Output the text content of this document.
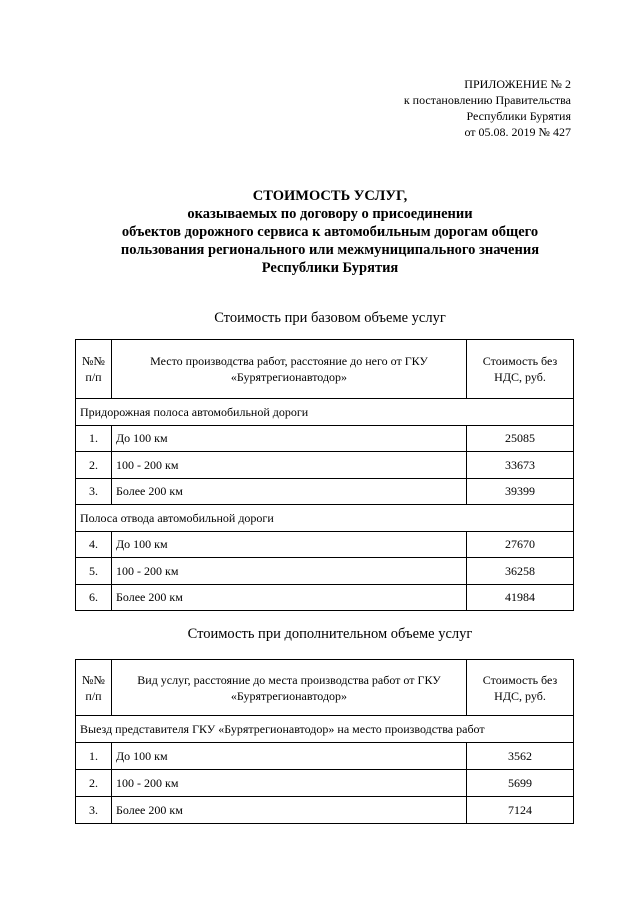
ПРИЛОЖЕНИЕ № 2
к постановлению Правительства
Республики Бурятия
от 05.08. 2019 № 427
СТОИМОСТЬ УСЛУГ,
оказываемых по договору о присоединении
объектов дорожного сервиса к автомобильным дорогам общего
пользования регионального или межмуниципального значения
Республики Бурятия
Стоимость при базовом объеме услуг
№№ п/п	Место производства работ, расстояние до него от ГКУ «Бурятрегионавтодор»	Стоимость без НДС, руб.
Придорожная полоса автомобильной дороги		
1.	До 100 км	25085
2.	100 - 200 км	33673
3.	Более 200 км	39399
Полоса отвода автомобильной дороги		
4.	До 100 км	27670
5.	100 - 200 км	36258
6.	Более 200 км	41984
Стоимость при дополнительном объеме услуг
№№ п/п	Вид услуг, расстояние до места производства работ от ГКУ «Бурятрегионавтодор»	Стоимость без НДС, руб.
Выезд представителя ГКУ «Бурятрегионавтодор» на место производства работ		
1.	До 100 км	3562
2.	100 - 200 км	5699
3.	Более 200 км	7124
